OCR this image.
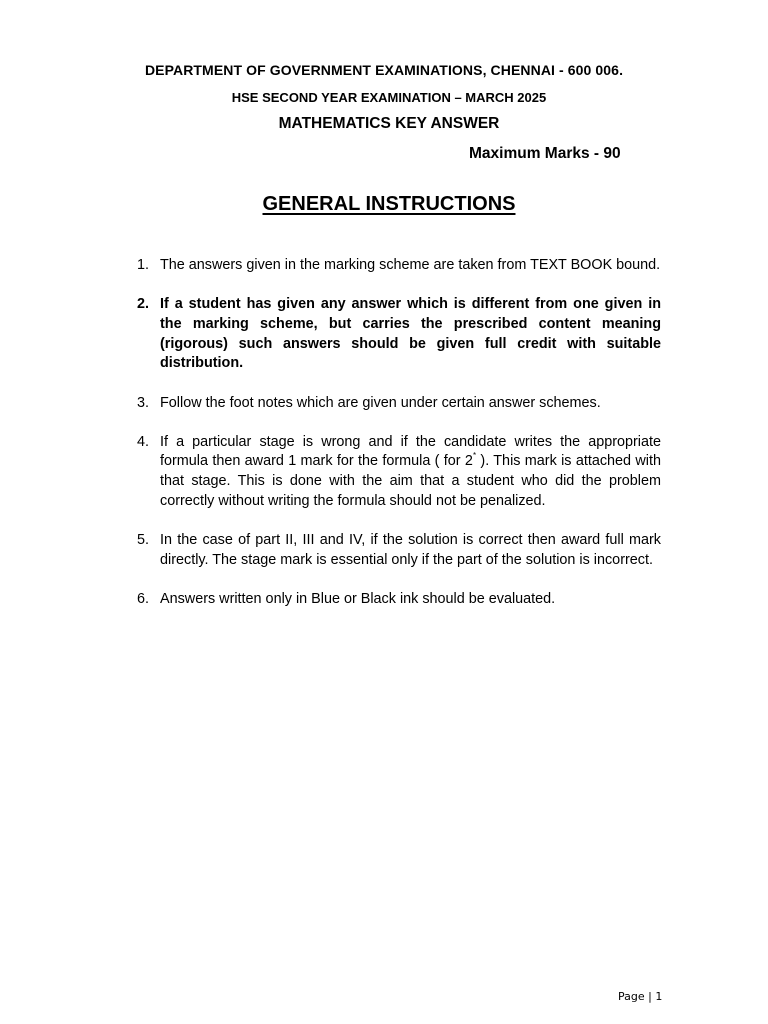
DEPARTMENT OF GOVERNMENT EXAMINATIONS, CHENNAI - 600 006.
HSE SECOND YEAR EXAMINATION – MARCH 2025
MATHEMATICS KEY ANSWER
Maximum Marks - 90
GENERAL INSTRUCTIONS
1. The answers given in the marking scheme are taken from TEXT BOOK bound.
2. If a student has given any answer which is different from one given in the marking scheme, but carries the prescribed content meaning (rigorous) such answers should be given full credit with suitable distribution.
3. Follow the foot notes which are given under certain answer schemes.
4. If a particular stage is wrong and if the candidate writes the appropriate formula then award 1 mark for the formula ( for 2* ). This mark is attached with that stage. This is done with the aim that a student who did the problem correctly without writing the formula should not be penalized.
5. In the case of part II, III and IV, if the solution is correct then award full mark directly. The stage mark is essential only if the part of the solution is incorrect.
6. Answers written only in Blue or Black ink should be evaluated.
Page | 1
